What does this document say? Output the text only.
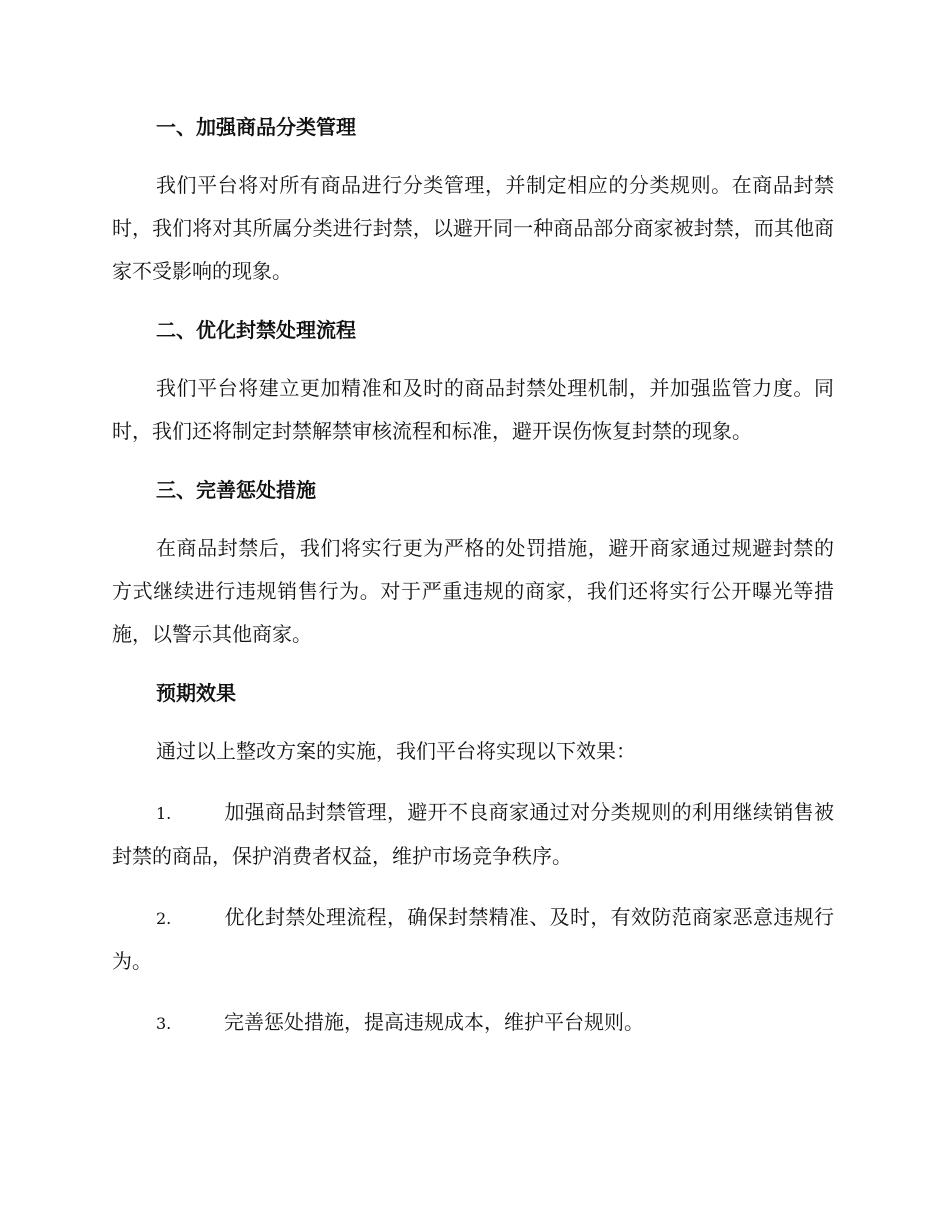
一、加强商品分类管理

我们平台将对所有商品进行分类管理，并制定相应的分类规则。在商品封禁时，我们将对其所属分类进行封禁，以避开同一种商品部分商家被封禁，而其他商家不受影响的现象。

二、优化封禁处理流程

我们平台将建立更加精准和及时的商品封禁处理机制，并加强监管力度。同时，我们还将制定封禁解禁审核流程和标准，避开误伤恢复封禁的现象。

三、完善惩处措施

在商品封禁后，我们将实行更为严格的处罚措施，避开商家通过规避封禁的方式继续进行违规销售行为。对于严重违规的商家，我们还将实行公开曝光等措施，以警示其他商家。

预期效果

通过以上整改方案的实施，我们平台将实现以下效果：

1.	加强商品封禁管理，避开不良商家通过对分类规则的利用继续销售被封禁的商品，保护消费者权益，维护市场竞争秩序。

2.	优化封禁处理流程，确保封禁精准、及时，有效防范商家恶意违规行为。

3.	完善惩处措施，提高违规成本，维护平台规则。
